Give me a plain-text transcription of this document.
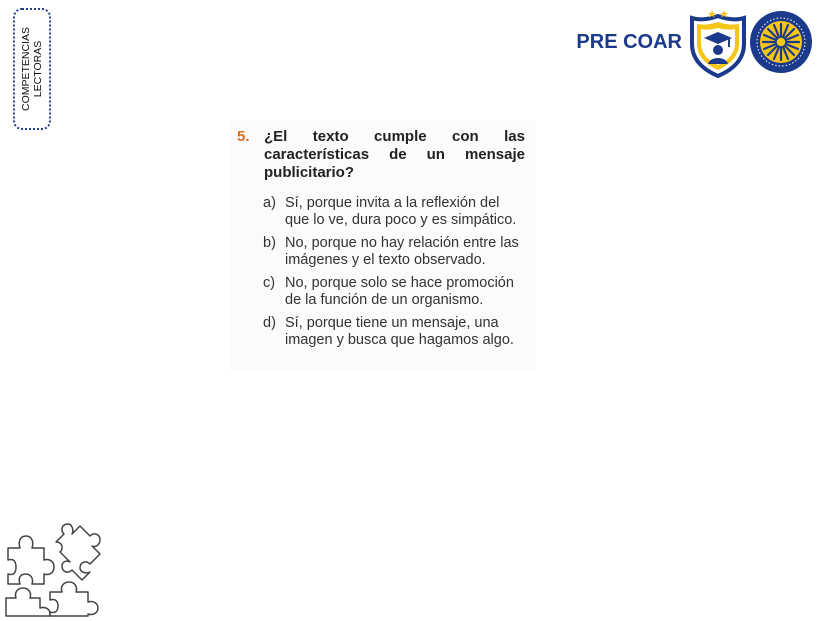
COMPETENCIAS LECTORAS	PRE COAR
5. ¿El texto cumple con las características de un mensaje publicitario?
a) Sí, porque invita a la reflexión del que lo ve, dura poco y es simpático.
b) No, porque no hay relación entre las imágenes y el texto observado.
c) No, porque solo se hace promoción de la función de un organismo.
d) Sí, porque tiene un mensaje, una imagen y busca que hagamos algo.
